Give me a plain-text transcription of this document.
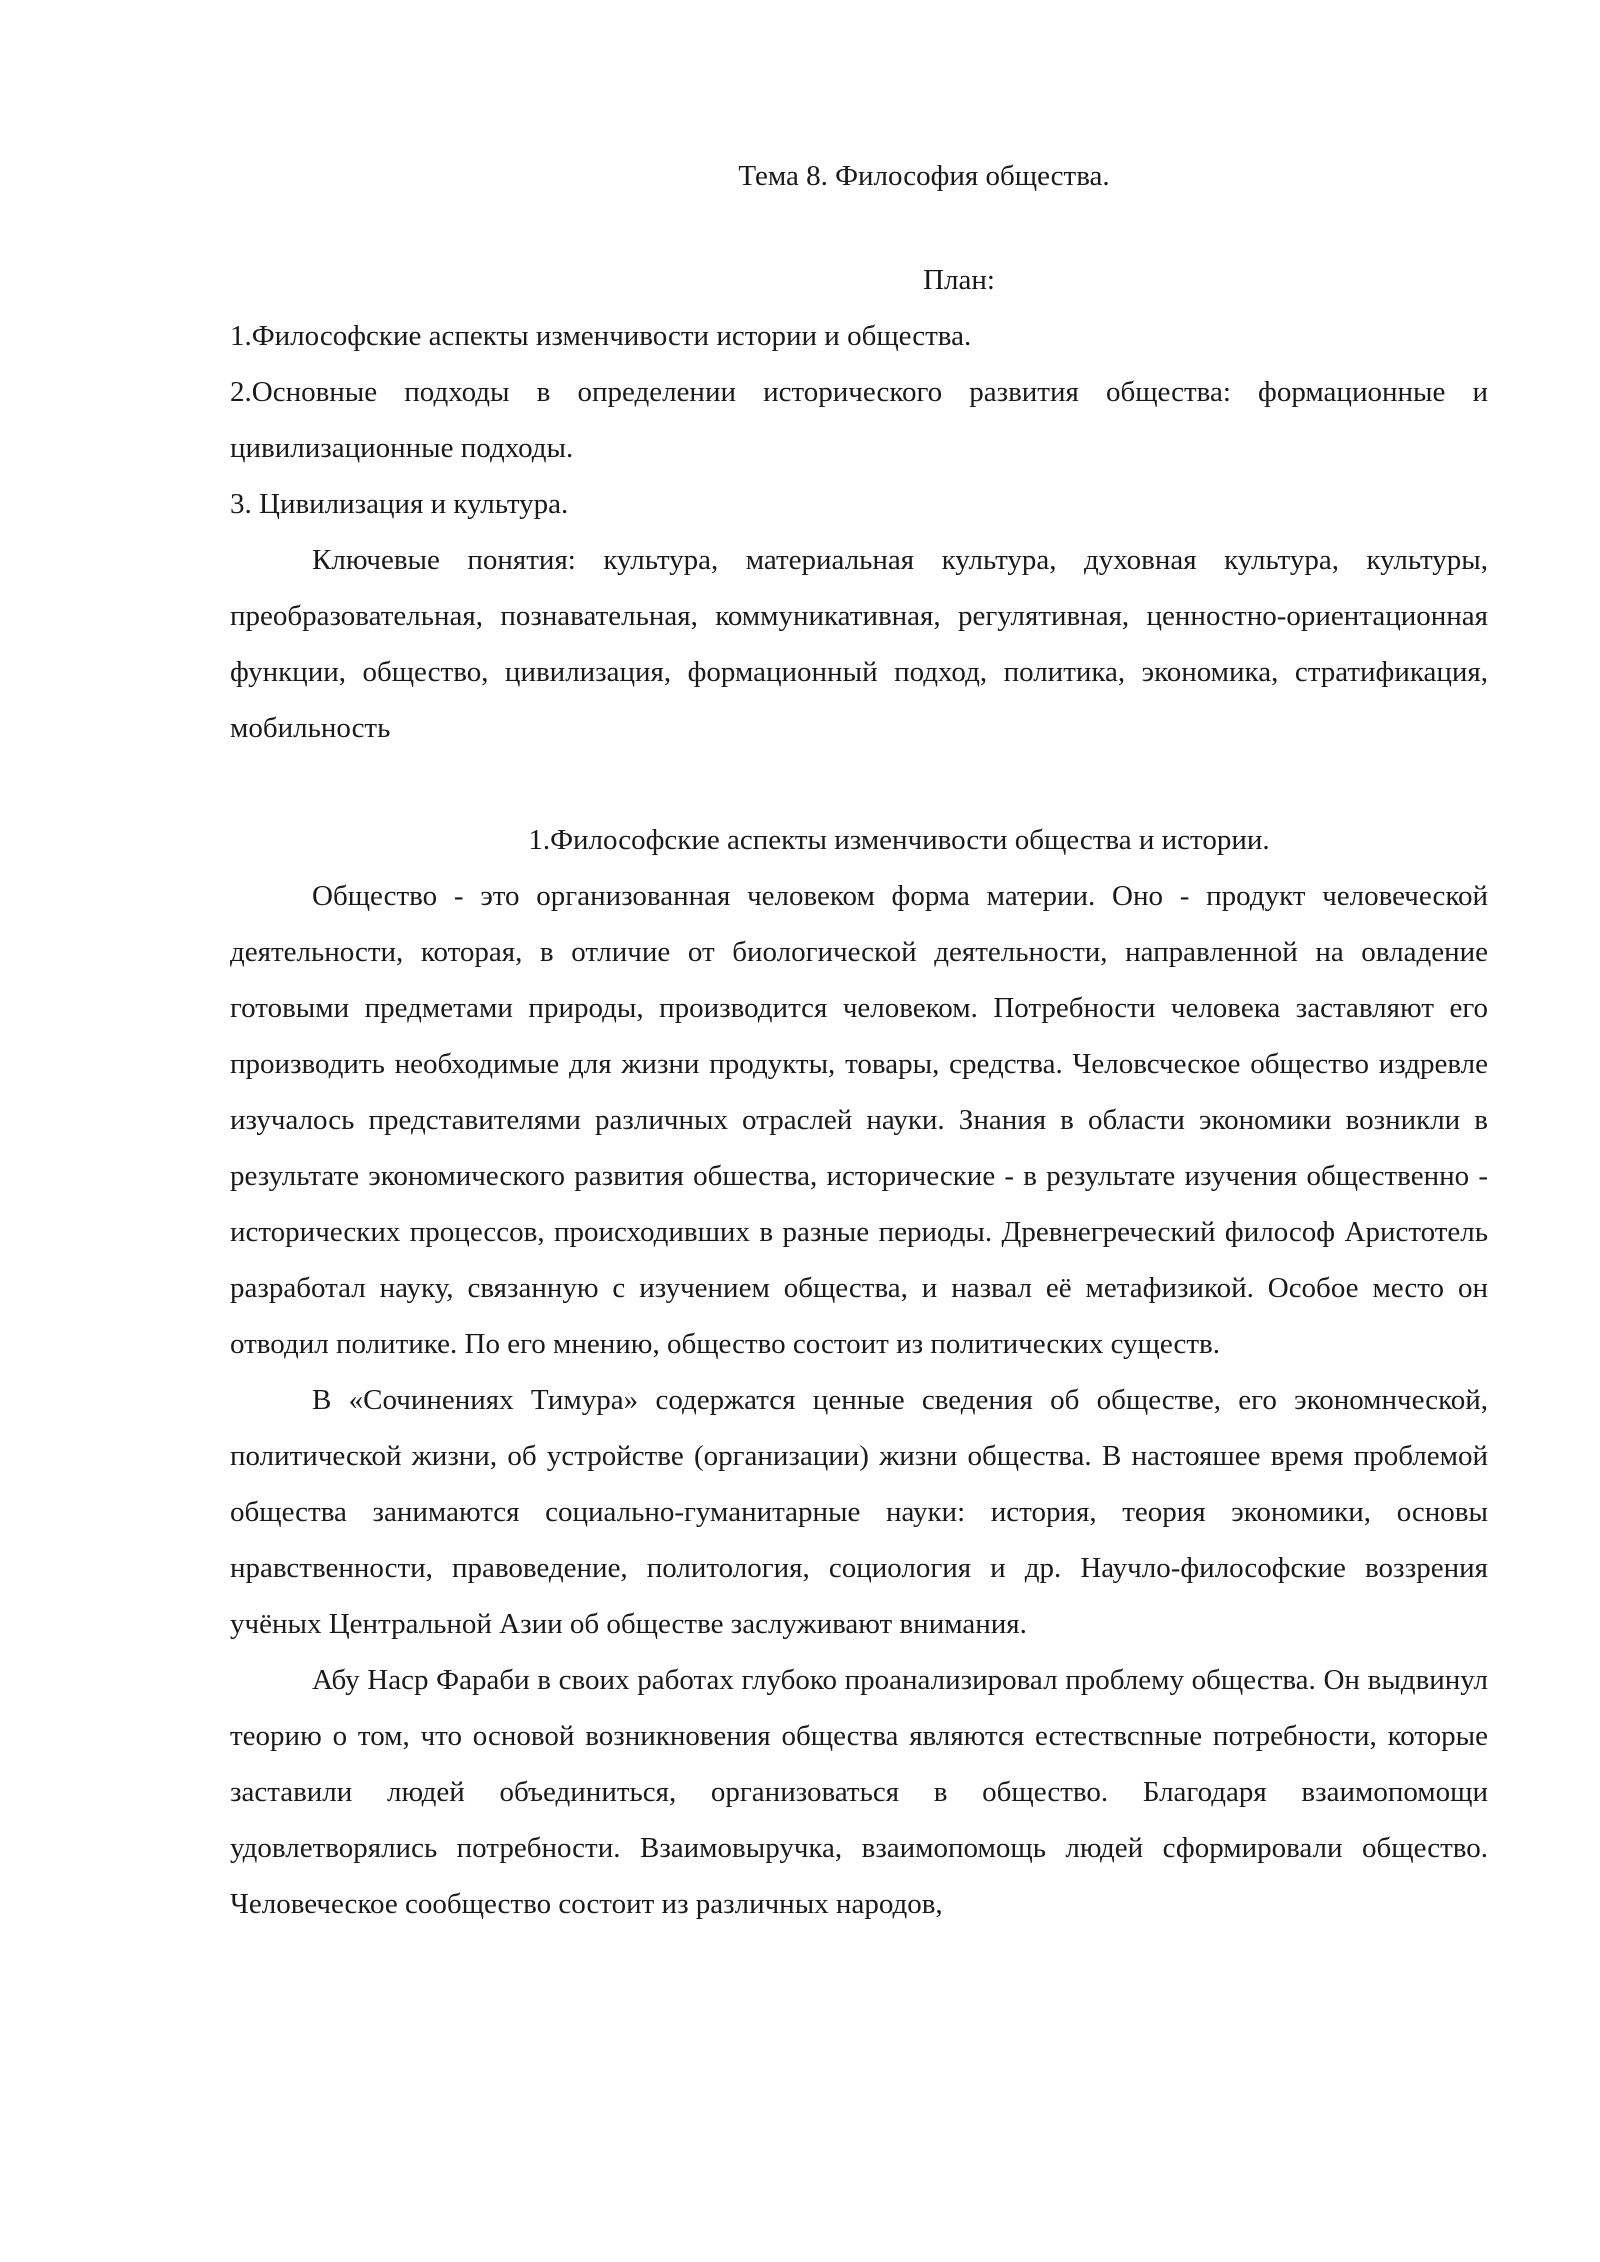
Тема 8. Философия общества.

План:

1.Философские аспекты изменчивости истории и общества.

2.Основные подходы в определении исторического развития общества: формационные и цивилизационные подходы.

3. Цивилизация и культура.

Ключевые понятия: культура, материальная культура, духовная культура, культуры, преобразовательная, познавательная, коммуникативная, регулятивная, ценностно-ориентационная функции, общество, цивилизация, формационный подход, политика, экономика, стратификация, мобильность

1.Философские аспекты изменчивости общества и истории.

Общество - это организованная человеком форма материи. Оно - продукт человеческой деятельности, которая, в отличие от биологической деятельности, направленной на овладение готовыми предметами природы, производится человеком. Потребности человека заставляют его производить необходимые для жизни продукты, товары, средства. Человсческое общество издревле изучалось представителями различных отраслей науки. Знания в области экономики возникли в результате экономического развития обшества, исторические - в результате изучения общественно - исторических процессов, происходивших в разные периоды. Древнегреческий философ Аристотель разработал науку, связанную с изучением общества, и назвал её метафизикой. Особое место он отводил политике. По его мнению, общество состоит из политических существ.

В «Сочинениях Тимура» содержатся ценные сведения об обществе, его экономнческой, политической жизни, об устройстве (организации) жизни общества. В настояшее время проблемой общества занимаются социально-гуманитарные науки: история, теория экономики, основы нравственности, правоведение, политология, социология и др. Научло-философские воззрения учёных Центральной Азии об обществе заслуживают внимания.

Абу Наср Фараби в своих работах глубоко проанализировал проблему общества. Он выдвинул теорию о том, что основой возникновения общества являются естествсnные потребности, которые заставили людей объединиться, организоваться в общество. Благодаря взаимопомощи удовлетворялись потребности. Взаимовыручка, взаимопомощь людей сформировали общество. Человеческое сообщество состоит из различных народов,
